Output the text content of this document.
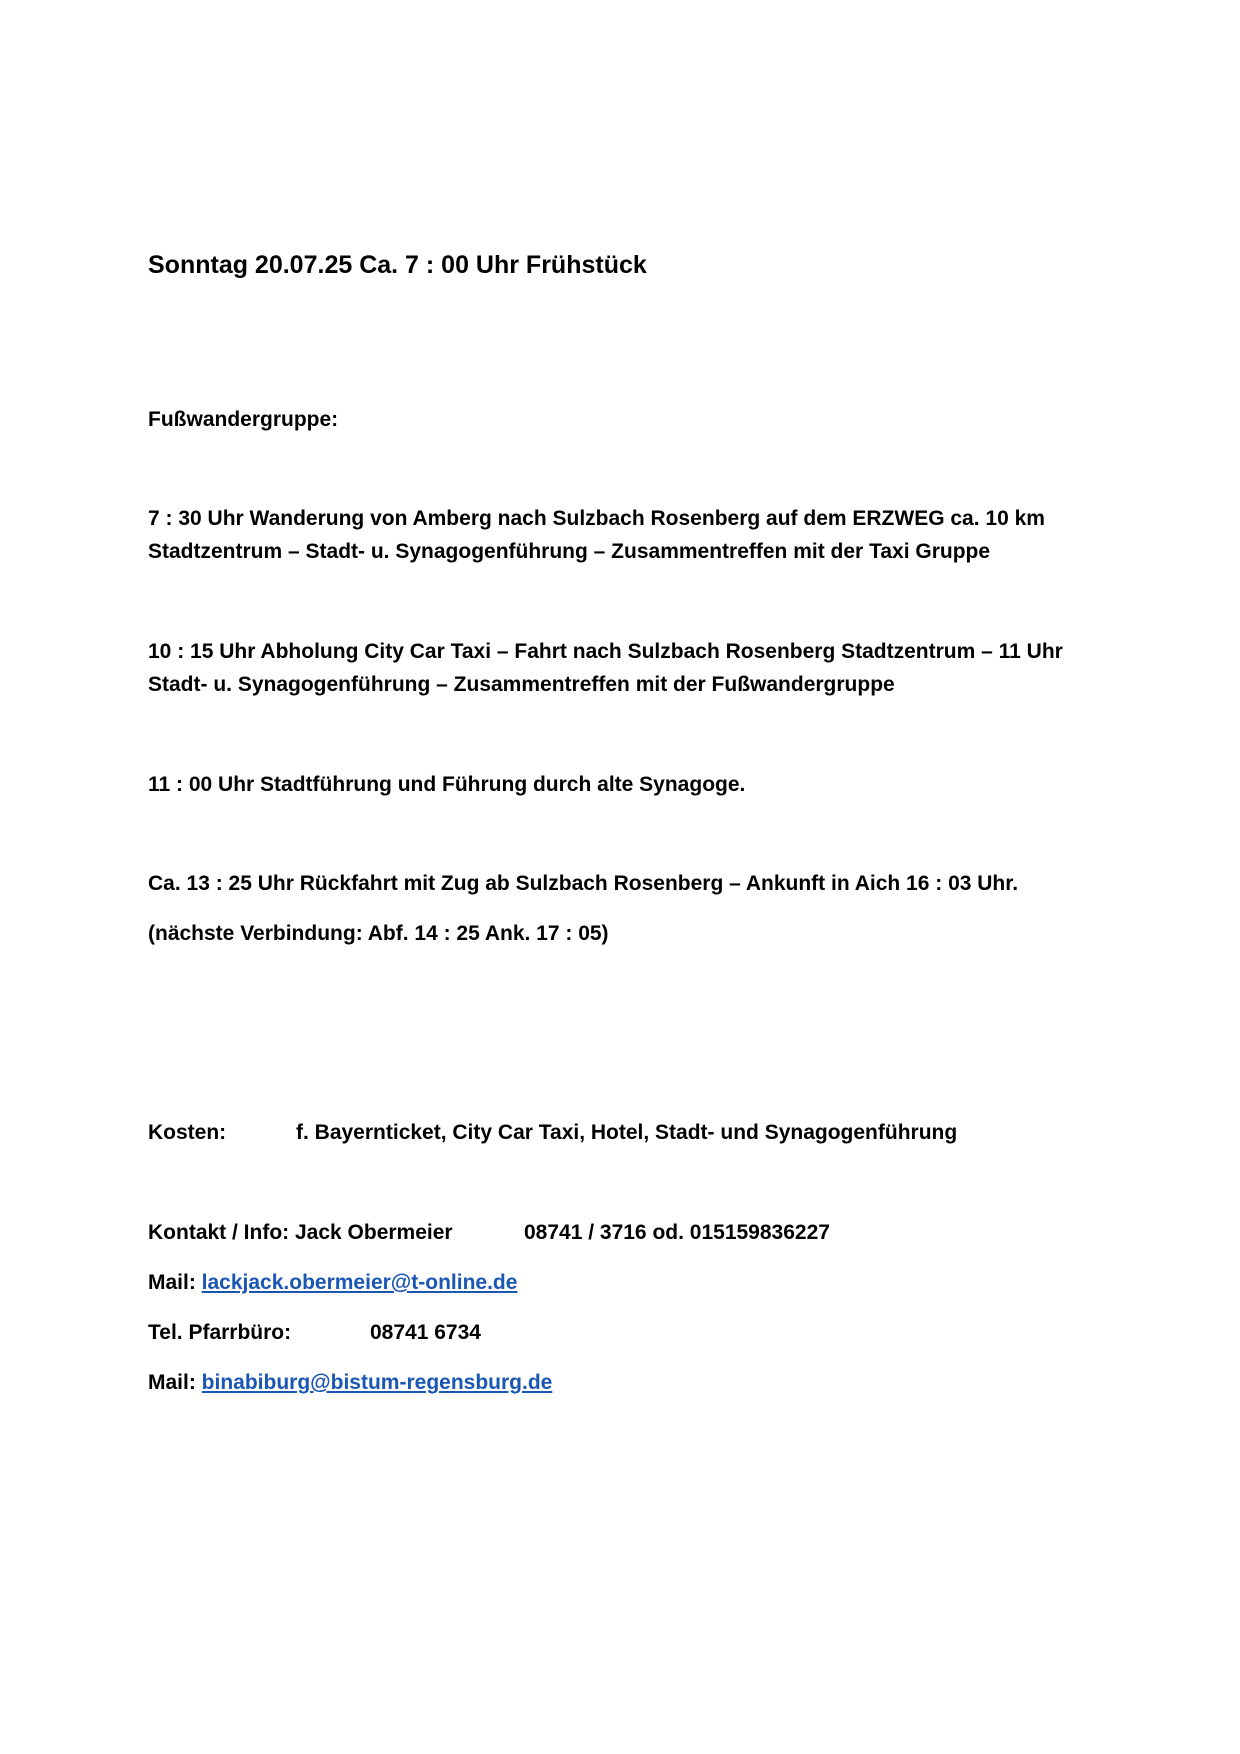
Sonntag 20.07.25 Ca. 7 : 00 Uhr Frühstück
Fußwandergruppe:
7 : 30 Uhr Wanderung von Amberg nach Sulzbach Rosenberg auf dem ERZWEG ca. 10 km
Stadtzentrum – Stadt- u. Synagogenführung – Zusammentreffen mit der Taxi Gruppe
10 : 15 Uhr Abholung City Car Taxi – Fahrt nach Sulzbach Rosenberg Stadtzentrum – 11 Uhr
Stadt- u. Synagogenführung – Zusammentreffen mit der Fußwandergruppe
11 : 00 Uhr Stadtführung und Führung durch alte Synagoge.
Ca. 13 : 25 Uhr Rückfahrt mit Zug ab Sulzbach Rosenberg – Ankunft in Aich 16 : 03 Uhr.
(nächste Verbindung: Abf. 14 : 25 Ank. 17 : 05)
Kosten:	f. Bayernticket, City Car Taxi, Hotel, Stadt- und Synagogenführung
Kontakt / Info: Jack Obermeier	08741 / 3716 od. 015159836227
Mail: lackjack.obermeier@t-online.de
Tel. Pfarrbüro:	08741 6734
Mail: binabiburg@bistum-regensburg.de
